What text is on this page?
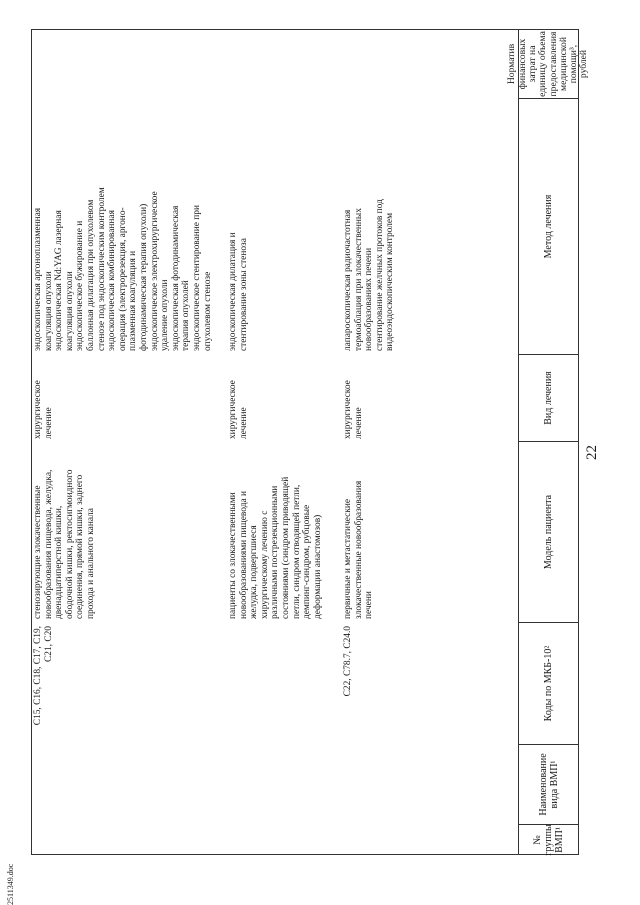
22
2511349.doc
№ группы ВМП¹
Наименование вида ВМП¹
Коды по МКБ-10²
Модель пациента
Вид лечения
Метод лечения
Норматив финансовых затрат на единицу объема предоставления медицинской помощи³, рублей
C15, C16, C18, C17, C19, C21, C20
стенозирующие злокачественные новообразования пищевода, желудка, двенадцатиперстной кишки, ободочной кишки, ректосигмоидного соединения, прямой кишки, заднего прохода и анального канала
хирургическое лечение
эндоскопическая аргоноплазменная коагуляция опухоли эндоскопическая Nd:YAG лазерная коагуляция опухоли эндоскопическое бужирование и баллонная дилатация при опухолевом стенозе под эндоскопическим контролем эндоскопическая комбинированная операция (электрорезекция, аргоно- плазменная коагуляция и фотодинамическая терапия опухоли) эндоскопическое электрохирургическое удаление опухоли эндоскопическая фотодинамическая терапия опухолей эндоскопическое стентирование при опухолевом стенозе
пациенты со злокачественными новообразованиями пищевода и желудка, подвергшиеся хирургическому лечению с различными пострезекционными состояниями (синдром приводящей петли, синдром отводящей петли, демпинг-синдром, рубцовые деформации анастомозов)
хирургическое лечение
эндоскопическая дилатация и стентирование зоны стеноза
C22, C78.7, C24.0
первичные и метастатические злокачественные новообразования печени
хирургическое лечение
лапароскопическая радиочастотная термоаблация при злокачественных новообразованиях печени стентирование желчных протоков под видеоэндоскопическим контролем
